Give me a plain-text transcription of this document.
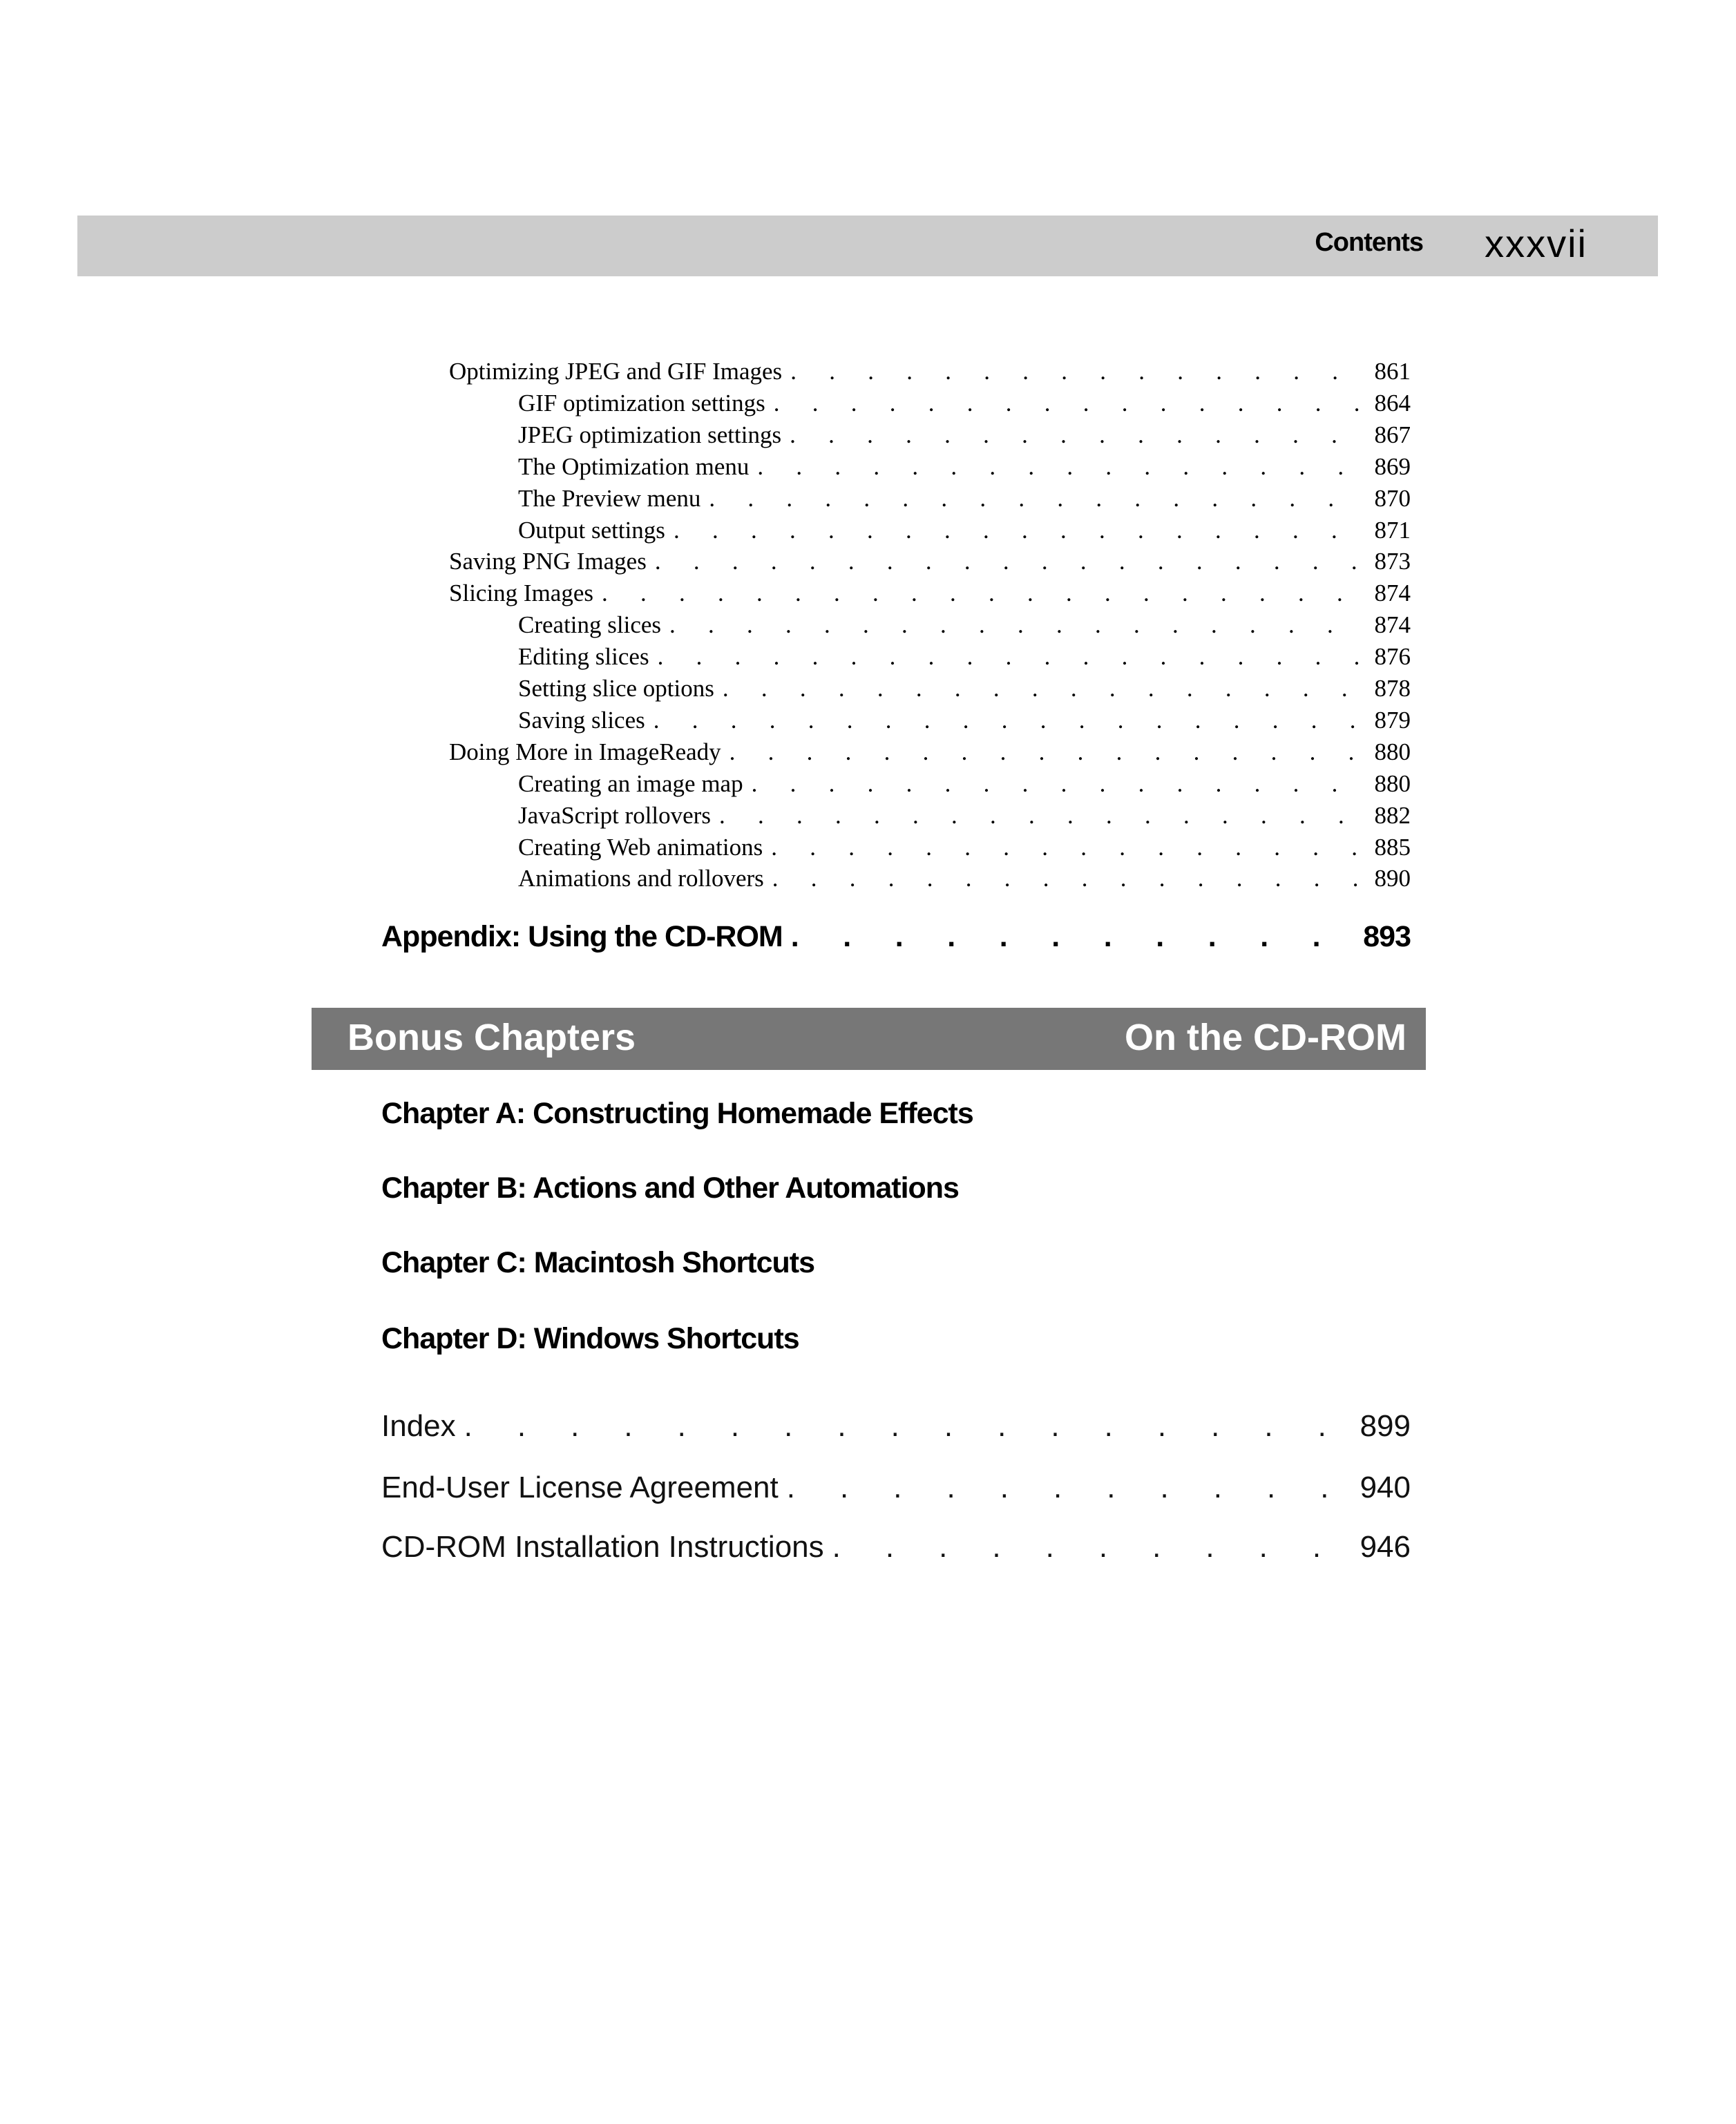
Contents xxxvii
Optimizing JPEG and GIF Images . . .	861
GIF optimization settings . . .	864
JPEG optimization settings . . .	867
The Optimization menu . . .	869
The Preview menu . . .	870
Output settings . . .	871
Saving PNG Images . . .	873
Slicing Images . . .	874
Creating slices . . .	874
Editing slices . . .	876
Setting slice options . . .	878
Saving slices . . .	879
Doing More in ImageReady . . .	880
Creating an image map . . .	880
JavaScript rollovers . . .	882
Creating Web animations . . .	885
Animations and rollovers . . .	890
Appendix: Using the CD-ROM . . .	893
Bonus Chapters	On the CD-ROM
Chapter A: Constructing Homemade Effects
Chapter B: Actions and Other Automations
Chapter C: Macintosh Shortcuts
Chapter D: Windows Shortcuts
Index . . .	899
End-User License Agreement . . .	940
CD-ROM Installation Instructions . . .	946
